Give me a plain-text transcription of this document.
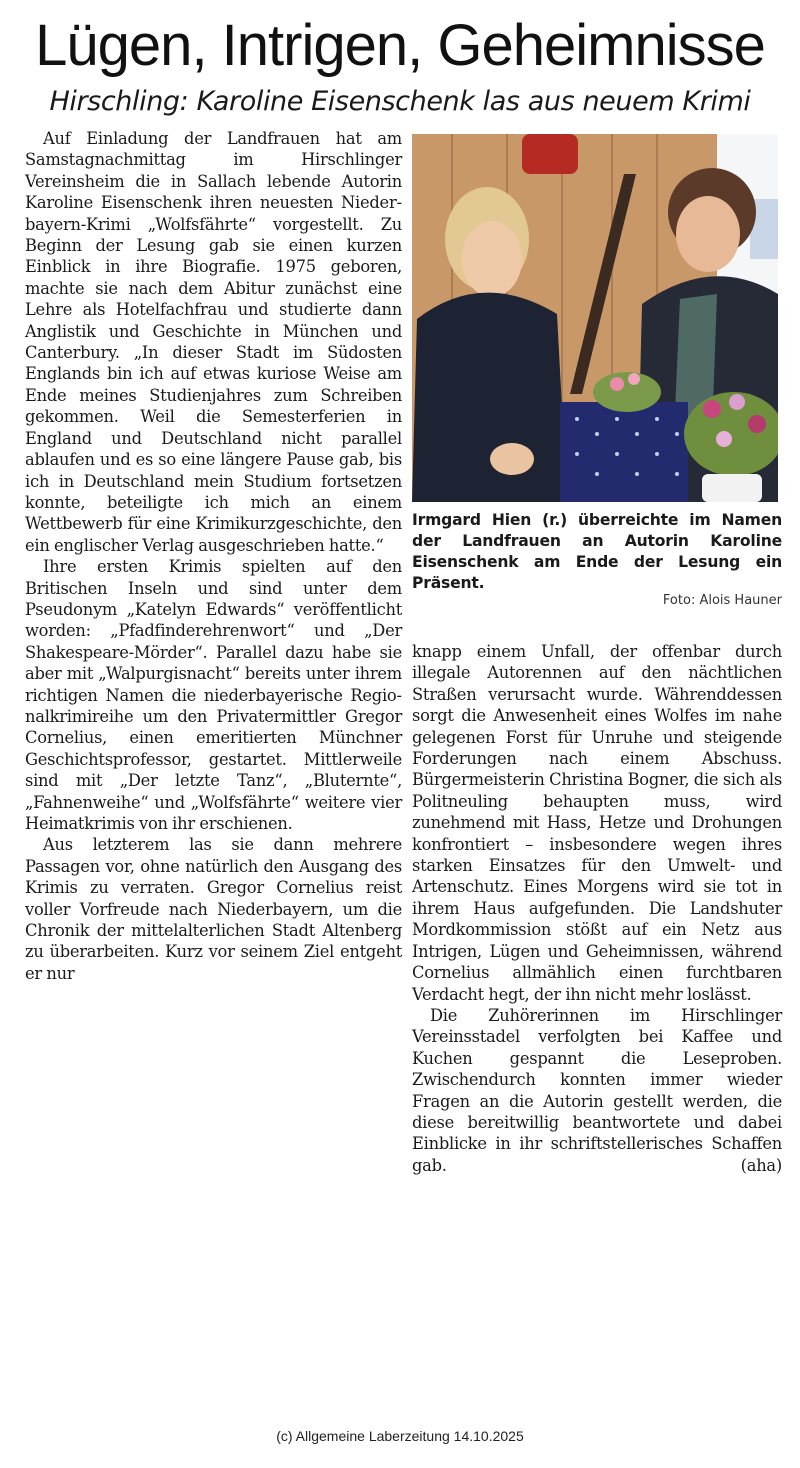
Lügen, Intrigen, Geheimnisse
Hirschling: Karoline Eisenschenk las aus neuem Krimi

Auf Einladung der Landfrauen hat am Samstagnachmittag im Hirschlinger Vereinsheim die in Sallach lebende Autorin Karoline Eisenschenk ihren neuesten Niederbayern-Krimi „Wolfsfährte“ vorgestellt. Zu Beginn der Lesung gab sie einen kurzen Einblick in ihre Biografie. 1975 geboren, machte sie nach dem Abitur zunächst eine Lehre als Hotelfachfrau und studierte dann Anglistik und Geschichte in München und Canterbury. „In dieser Stadt im Südosten Englands bin ich auf etwas kuriose Weise am Ende meines Studienjahres zum Schreiben gekommen. Weil die Semesterferien in England und Deutschland nicht parallel ablaufen und es so eine längere Pause gab, bis ich in Deutschland mein Studium fortsetzen konnte, beteiligte ich mich an einem Wettbewerb für eine Krimikurzgeschichte, den ein englischer Verlag ausgeschrieben hatte.“

Ihre ersten Krimis spielten auf den Britischen Inseln und sind unter dem Pseudonym „Katelyn Edwards“ veröffentlicht worden: „Pfadfinderehrenwort“ und „Der Shakespeare-Mörder“. Parallel dazu habe sie aber mit „Walpurgisnacht“ bereits unter ihrem richtigen Namen die niederbayerische Regionalkrimireihe um den Privatermittler Gregor Cornelius, einen emeritierten Münchner Geschichtsprofessor, gestartet. Mittlerweile sind mit „Der letzte Tanz“, „Bluternte“, „Fahnenweihe“ und „Wolfsfährte“ weitere vier Heimatkrimis von ihr erschienen.

Aus letzterem las sie dann mehrere Passagen vor, ohne natürlich den Ausgang des Krimis zu verraten. Gregor Cornelius reist voller Vorfreude nach Niederbayern, um die Chronik der mittelalterlichen Stadt Altenberg zu überarbeiten. Kurz vor seinem Ziel entgeht er nur

Irmgard Hien (r.) überreichte im Namen der Landfrauen an Autorin Karoline Eisenschenk am Ende der Lesung ein Präsent.
Foto: Alois Hauner

knapp einem Unfall, der offenbar durch illegale Autorennen auf den nächtlichen Straßen verursacht wurde. Währenddessen sorgt die Anwesenheit eines Wolfes im nahe gelegenen Forst für Unruhe und steigende Forderungen nach einem Abschuss. Bürgermeisterin Christina Bogner, die sich als Politneuling behaupten muss, wird zunehmend mit Hass, Hetze und Drohungen konfrontiert – insbesondere wegen ihres starken Einsatzes für den Umwelt- und Artenschutz. Eines Morgens wird sie tot in ihrem Haus aufgefunden. Die Landshuter Mordkommission stößt auf ein Netz aus Intrigen, Lügen und Geheimnissen, während Cornelius allmählich einen furchtbaren Verdacht hegt, der ihn nicht mehr loslässt.

Die Zuhörerinnen im Hirschlinger Vereinsstadel verfolgten bei Kaffee und Kuchen gespannt die Leseproben. Zwischendurch konnten immer wieder Fragen an die Autorin gestellt werden, die diese bereitwillig beantwortete und dabei Einblicke in ihr schriftstellerisches Schaffen gab.	(aha)

(c) Allgemeine Laberzeitung 14.10.2025
